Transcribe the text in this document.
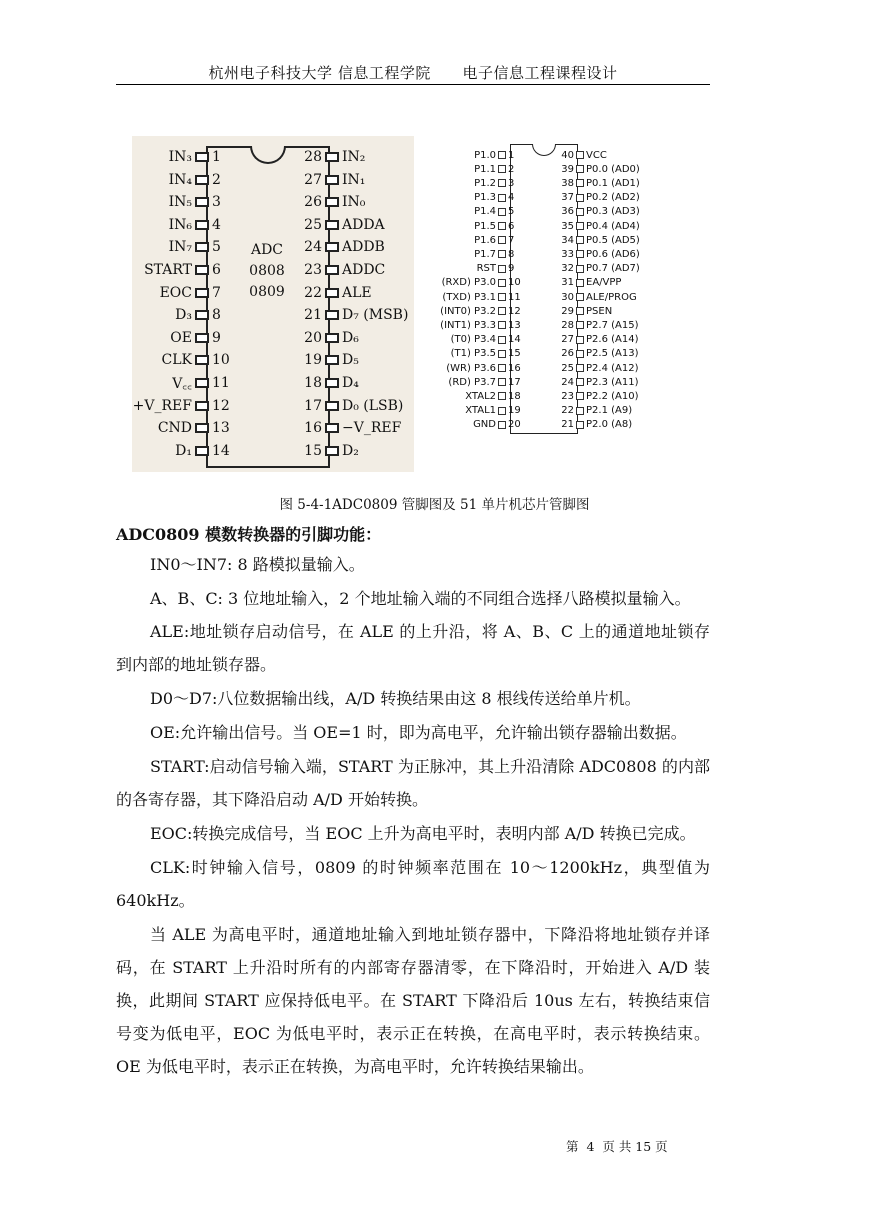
杭州电子科技大学 信息工程学院 电子信息工程课程设计
ADC
0808
0809
IN₃ 1
IN₄ 2
IN₅ 3
IN₆ 4
IN₇ 5
START 6
EOC 7
D₃ 8
OE 9
CLK 10
V꜀꜀ 11
+V_REF 12
CND 13
D₁ 14
28 IN₂
27 IN₁
26 IN₀
25 ADDA
24 ADDB
23 ADDC
22 ALE
21 D₇ (MSB)
20 D₆
19 D₅
18 D₄
17 D₀ (LSB)
16 −V_REF
15 D₂
P1.0 1
P1.1 2
P1.2 3
P1.3 4
P1.4 5
P1.5 6
P1.6 7
P1.7 8
RST 9
(RXD) P3.0 10
(TXD) P3.1 11
(INT0) P3.2 12
(INT1) P3.3 13
(T0) P3.4 14
(T1) P3.5 15
(WR) P3.6 16
(RD) P3.7 17
XTAL2 18
XTAL1 19
GND 20
40 VCC
39 P0.0 (AD0)
38 P0.1 (AD1)
37 P0.2 (AD2)
36 P0.3 (AD3)
35 P0.4 (AD4)
34 P0.5 (AD5)
33 P0.6 (AD6)
32 P0.7 (AD7)
31 EA/VPP
30 ALE/PROG
29 PSEN
28 P2.7 (A15)
27 P2.6 (A14)
26 P2.5 (A13)
25 P2.4 (A12)
24 P2.3 (A11)
23 P2.2 (A10)
22 P2.1 (A9)
21 P2.0 (A8)
图 5-4-1ADC0809 管脚图及 51 单片机芯片管脚图
ADC0809 模数转换器的引脚功能：
IN0～IN7: 8 路模拟量输入。
A、B、C: 3 位地址输入，2 个地址输入端的不同组合选择八路模拟量输入。
ALE:地址锁存启动信号，在 ALE 的上升沿，将 A、B、C 上的通道地址锁存到内部的地址锁存器。
D0～D7:八位数据输出线，A/D 转换结果由这 8 根线传送给单片机。
OE:允许输出信号。当 OE=1 时，即为高电平，允许输出锁存器输出数据。
START:启动信号输入端，START 为正脉冲，其上升沿清除 ADC0808 的内部的各寄存器，其下降沿启动 A/D 开始转换。
EOC:转换完成信号，当 EOC 上升为高电平时，表明内部 A/D 转换已完成。
CLK:时钟输入信号，0809 的时钟频率范围在 10～1200kHz，典型值为 640kHz。
当 ALE 为高电平时，通道地址输入到地址锁存器中，下降沿将地址锁存并译码，在 START 上升沿时所有的内部寄存器清零，在下降沿时，开始进入 A/D 装换，此期间 START 应保持低电平。在 START 下降沿后 10us 左右，转换结束信号变为低电平，EOC 为低电平时，表示正在转换，在高电平时，表示转换结束。OE 为低电平时，表示正在转换，为高电平时，允许转换结果输出。
第  4  页 共 15 页
